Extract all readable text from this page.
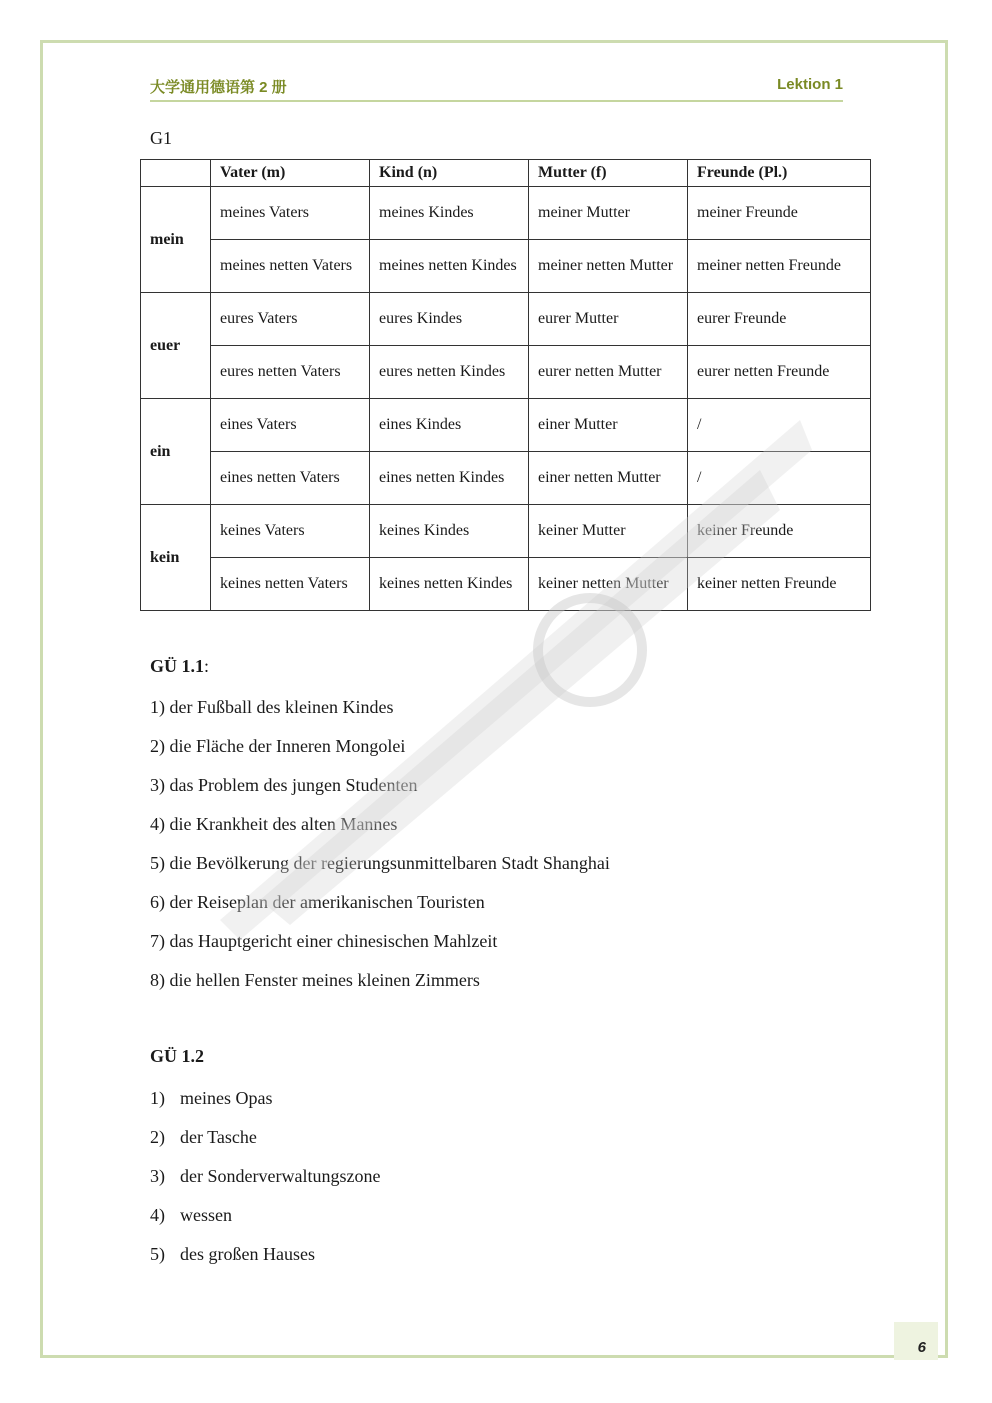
大学通用德语第 2 册	Lektion 1
G1
	Vater (m)	Kind (n)	Mutter (f)	Freunde (Pl.)
mein	meines Vaters	meines Kindes	meiner Mutter	meiner Freunde
	meines netten Vaters	meines netten Kindes	meiner netten Mutter	meiner netten Freunde
euer	eures Vaters	eures Kindes	eurer Mutter	eurer Freunde
	eures netten Vaters	eures netten Kindes	eurer netten Mutter	eurer netten Freunde
ein	eines Vaters	eines Kindes	einer Mutter	/
	eines netten Vaters	eines netten Kindes	einer netten Mutter	/
kein	keines Vaters	keines Kindes	keiner Mutter	keiner Freunde
	keines netten Vaters	keines netten Kindes	keiner netten Mutter	keiner netten Freunde
GÜ 1.1:
1) der Fußball des kleinen Kindes
2) die Fläche der Inneren Mongolei
3) das Problem des jungen Studenten
4) die Krankheit des alten Mannes
5) die Bevölkerung der regierungsunmittelbaren Stadt Shanghai
6) der Reiseplan der amerikanischen Touristen
7) das Hauptgericht einer chinesischen Mahlzeit
8) die hellen Fenster meines kleinen Zimmers
GÜ 1.2
1) meines Opas
2) der Tasche
3) der Sonderverwaltungszone
4) wessen
5) des großen Hauses
6
